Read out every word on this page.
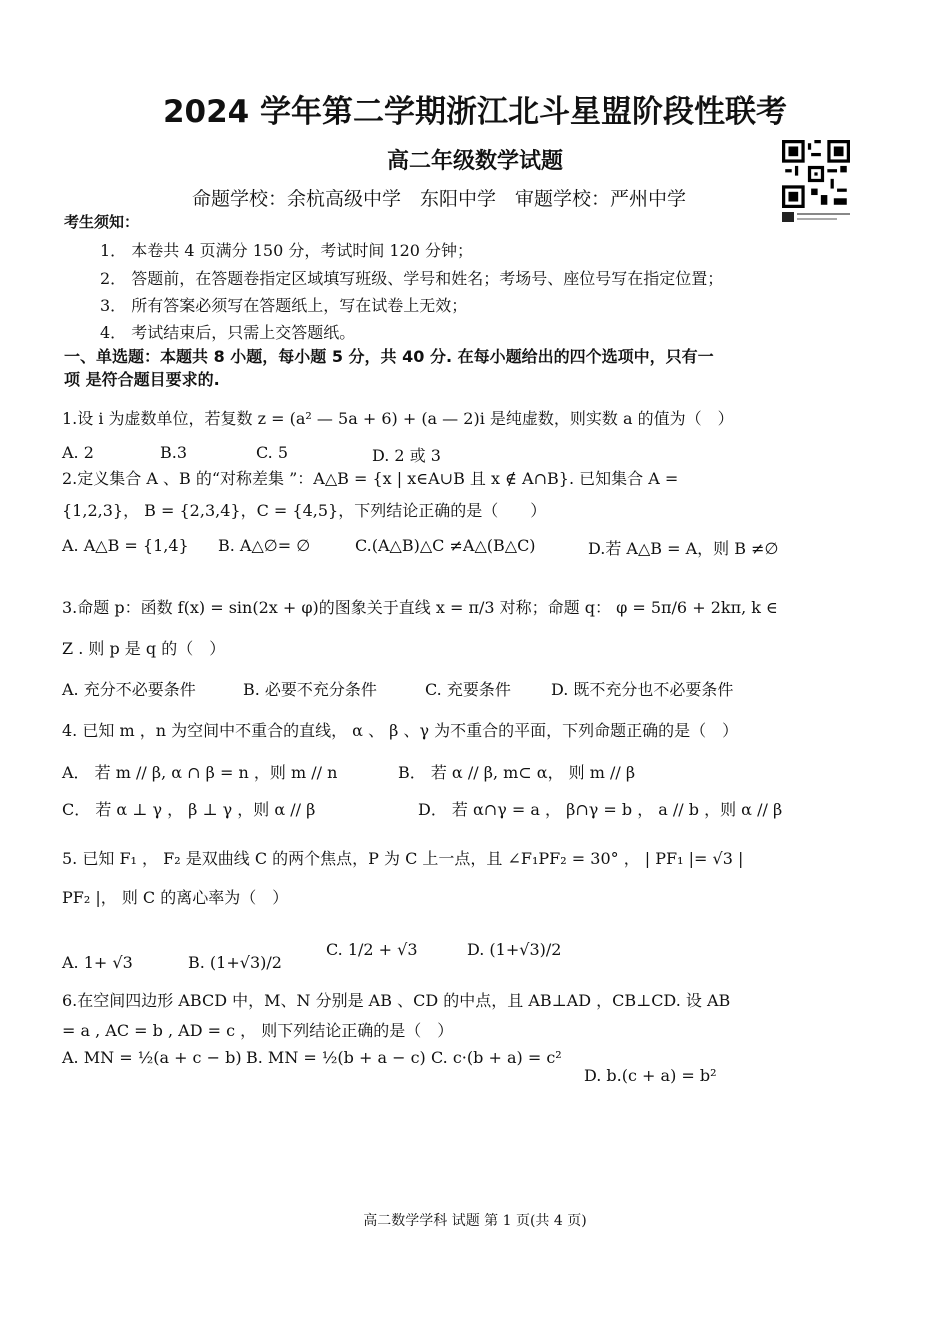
2024 学年第二学期浙江北斗星盟阶段性联考
高二年级数学试题
命题学校：余杭高级中学　东阳中学　审题学校：严州中学
考生须知：
1． 本卷共 4 页满分 150 分，考试时间 120 分钟；
2． 答题前，在答题卷指定区域填写班级、学号和姓名；考场号、座位号写在指定位置；
3． 所有答案必须写在答题纸上，写在试卷上无效；
4． 考试结束后，只需上交答题纸。
一、单选题：本题共 8 小题，每小题 5 分，共 40 分. 在每小题给出的四个选项中，只有一
项 是符合题目要求的.
1.设 i 为虚数单位，若复数 z = (a² — 5a + 6) + (a — 2)i 是纯虚数，则实数 a 的值为（　）
A. 2	B.3	C. 5	D. 2 或 3
2.定义集合 A 、B 的“对称差集 ”：A△B = {x | x∈A∪B 且 x ∉ A∩B}. 已知集合 A =
{1,2,3}， B = {2,3,4}，C = {4,5}，下列结论正确的是（　　）
A. A△B = {1,4} B. A△∅= ∅	C.(A△B)△C ≠A△(B△C)	D.若 A△B = A，则 B ≠∅
3.命题 p：函数 f(x) = sin(2x + φ)的图象关于直线 x = π/3 对称；命题 q： φ = 5π/6 + 2kπ, k ∈
Z . 则 p 是 q 的（　）
A. 充分不必要条件	B. 必要不充分条件	C. 充要条件	D. 既不充分也不必要条件
4. 已知 m ，n 为空间中不重合的直线， α 、 β 、γ 为不重合的平面，下列命题正确的是（　）
A． 若 m // β, α ∩ β = n ，则 m // n	B． 若 α // β, m⊂ α， 则 m // β
C． 若 α ⊥ γ ， β ⊥ γ ，则 α // β	D． 若 α∩γ = a ， β∩γ = b ， a // b ，则 α // β
5. 已知 F₁ ， F₂ 是双曲线 C 的两个焦点，P 为 C 上一点，且 ∠F₁PF₂ = 30° ， | PF₁ |= √3 |
PF₂ |， 则 C 的离心率为（　）
A. 1+ √3	B. (1+√3)/2
C. 1/2 + √3	D. (1+√3)/2
6.在空间四边形 ABCD 中，M、N 分别是 AB 、CD 的中点，且 AB⊥AD ，CB⊥CD. 设 AB
= a , AC = b , AD = c ， 则下列结论正确的是（　）
A. MN = ½(a + c − b) B. MN = ½(b + a − c) C. c·(b + a) = c²
D. b.(c + a) = b²
高二数学学科 试题 第 1 页(共 4 页)
